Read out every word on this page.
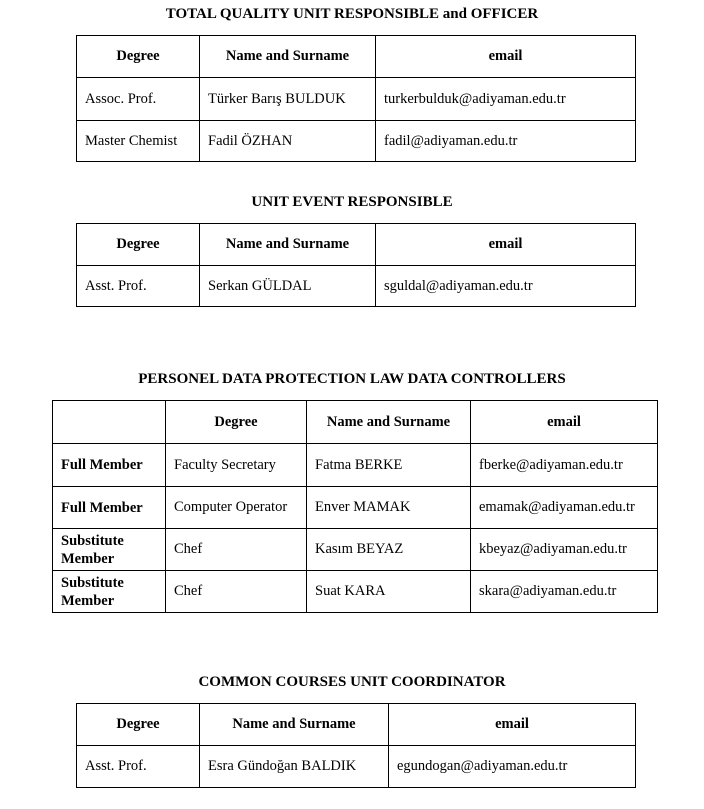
TOTAL QUALITY UNIT RESPONSIBLE and OFFICER
Degree	Name and Surname	email
Assoc. Prof.	Türker Barış BULDUK	turkerbulduk@adiyaman.edu.tr
Master Chemist	Fadil ÖZHAN	fadil@adiyaman.edu.tr
UNIT EVENT RESPONSIBLE
Degree	Name and Surname	email
Asst. Prof.	Serkan GÜLDAL	sguldal@adiyaman.edu.tr
PERSONEL DATA PROTECTION LAW DATA CONTROLLERS
	Degree	Name and Surname	email
Full Member	Faculty Secretary	Fatma BERKE	fberke@adiyaman.edu.tr
Full Member	Computer Operator	Enver MAMAK	emamak@adiyaman.edu.tr
Substitute Member	Chef	Kasım BEYAZ	kbeyaz@adiyaman.edu.tr
Substitute Member	Chef	Suat KARA	skara@adiyaman.edu.tr
COMMON COURSES UNIT COORDINATOR
Degree	Name and Surname	email
Asst. Prof.	Esra Gündoğan BALDIK	egundogan@adiyaman.edu.tr
